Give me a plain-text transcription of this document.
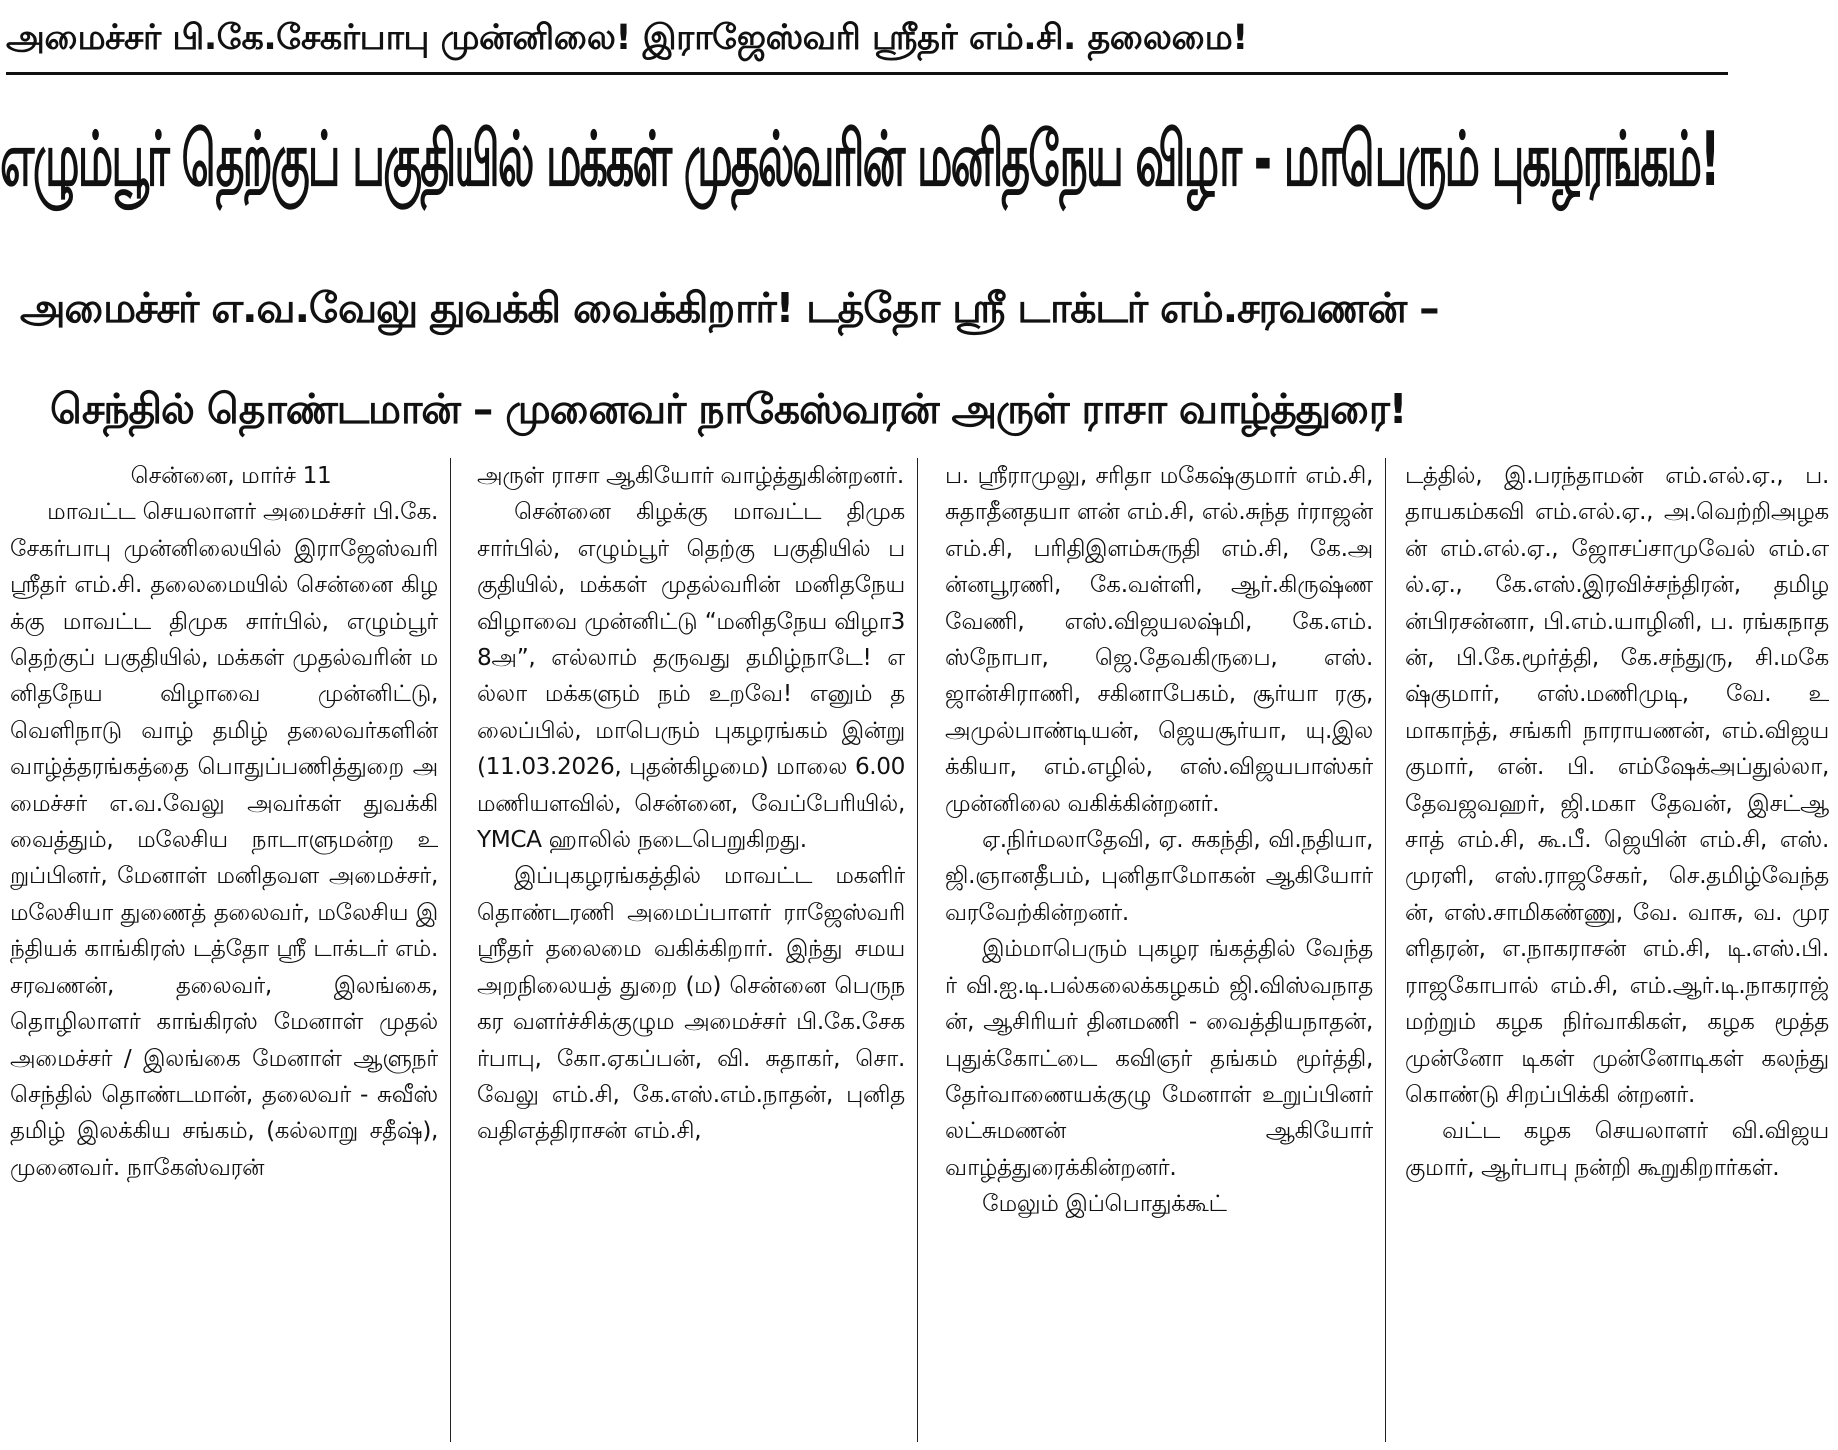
அமைச்சர் பி.கே.சேகர்பாபு முன்னிலை! இராஜேஸ்வரி ஸ்ரீதர் எம்.சி. தலைமை!
எழும்பூர் தெற்குப் பகுதியில் மக்கள் முதல்வரின் மனிதநேய விழா - மாபெரும் புகழரங்கம்!
அமைச்சர் எ.வ.வேலு துவக்கி வைக்கிறார்! டத்தோ ஸ்ரீ டாக்டர் எம்.சரவணன் –
செந்தில் தொண்டமான் – முனைவர் நாகேஸ்வரன் அருள் ராசா வாழ்த்துரை!

சென்னை, மார்ச் 11

மாவட்ட செயலாளர் அமைச்சர் பி.கே.சேகர்பாபு முன்னிலையில் இராஜேஸ்வரி ஸ்ரீதர் எம்.சி. தலைமையில் சென்னை கிழக்கு மாவட்ட திமுக சார்பில், எழும்பூர் தெற்குப் பகுதியில், மக்கள் முதல்வரின் மனிதநேய விழாவை முன்னிட்டு, வெளிநாடு வாழ் தமிழ் தலைவர்களின் வாழ்த்தரங்கத்தை பொதுப்பணித்துறை அமைச்சர் எ.வ.வேலு அவர்கள் துவக்கி வைத்தும், மலேசிய நாடாளுமன்ற உறுப்பினர், மேனாள் மனிதவள அமைச்சர், மலேசியா துணைத் தலைவர், மலேசிய இந்தியக் காங்கிரஸ் டத்தோ ஸ்ரீ டாக்டர் எம்.சரவணன், தலைவர், இலங்கை, தொழிலாளர் காங்கிரஸ் மேனாள் முதல் அமைச்சர் / இலங்கை மேனாள் ஆளுநர் செந்தில் தொண்டமான், தலைவர் - சுவீஸ் தமிழ் இலக்கிய சங்கம், (கல்லாறு சதீஷ்), முனைவர். நாகேஸ்வரன்

அருள் ராசா ஆகியோர் வாழ்த்துகின்றனர்.

சென்னை கிழக்கு மாவட்ட திமுக சார்பில், எழும்பூர் தெற்கு பகுதியில் பகுதியில், மக்கள் முதல்வரின் மனிதநேய விழாவை முன்னிட்டு “மனிதநேய விழா38அ”, எல்லாம் தருவது தமிழ்நாடே! எல்லா மக்களும் நம் உறவே! எனும் தலைப்பில், மாபெரும் புகழரங்கம் இன்று (11.03.2026, புதன்கிழமை) மாலை 6.00 மணியளவில், சென்னை, வேப்பேரியில், YMCA ஹாலில் நடைபெறுகிறது.

இப்புகழரங்கத்தில் மாவட்ட மகளிர் தொண்டரணி அமைப்பாளர் ராஜேஸ்வரி ஸ்ரீதர் தலைமை வகிக்கிறார். இந்து சமய அறநிலையத் துறை (ம) சென்னை பெருநகர வளர்ச்சிக்குழும அமைச்சர் பி.கே.சேகர்பாபு, கோ.ஏகப்பன், வி. சுதாகர், சொ.வேலு எம்.சி, கே.எஸ்.எம்.நாதன், புனிதவதிஎத்திராசன் எம்.சி,

ப. ஸ்ரீராமுலு, சரிதா மகேஷ்குமார் எம்.சி, சுதாதீனதயா ளன் எம்.சி, எல்.சுந்த ர்ராஜன் எம்.சி, பரிதிஇளம்சுருதி எம்.சி, கே.அன்னபூரணி, கே.வள்ளி, ஆர்.கிருஷ்ணவேணி, எஸ்.விஜயலஷ்மி, கே.எம்.ஸ்நோபா, ஜெ.தேவகிருபை, எஸ்.ஜான்சிராணி, சகினாபேகம், சூர்யா ரகு, அமுல்பாண்டியன், ஜெயசூர்யா, யு.இலக்கியா, எம்.எழில், எஸ்.விஜயபாஸ்கர் முன்னிலை வகிக்கின்றனர்.

ஏ.நிர்மலாதேவி, ஏ. சுகந்தி, வி.நதியா, ஜி.ஞானதீபம், புனிதாமோகன் ஆகியோர் வரவேற்கின்றனர்.

இம்மாபெரும் புகழர ங்கத்தில் வேந்தர் வி.ஐ.டி.பல்கலைக்கழகம் ஜி.விஸ்வநாதன், ஆசிரியர் தினமணி - வைத்தியநாதன், புதுக்கோட்டை கவிஞர் தங்கம் மூர்த்தி, தேர்வாணையக்குழு மேனாள் உறுப்பினர் லட்சுமணன் ஆகியோர் வாழ்த்துரைக்கின்றனர்.

மேலும் இப்பொதுக்கூட்

டத்தில், இ.பரந்தாமன் எம்.எல்.ஏ., ப.தாயகம்கவி எம்.எல்.ஏ., அ.வெற்றிஅழகன் எம்.எல்.ஏ., ஜோசப்சாமுவேல் எம்.எல்.ஏ., கே.எஸ்.இரவிச்சந்திரன், தமிழன்பிரசன்னா, பி.எம்.யாழினி, ப. ரங்கநாதன், பி.கே.மூர்த்தி, கே.சந்துரு, சி.மகே ஷ்குமார், எஸ்.மணிமுடி, வே. உமாகாந்த், சங்கரி நாராயணன், எம்.விஜயகுமார், என். பி. எம்ஷேக்அப்துல்லா, தேவஜவஹர், ஜி.மகா தேவன், இசட்ஆசாத் எம்.சி, கூ.பீ. ஜெயின் எம்.சி, எஸ்.முரளி, எஸ்.ராஜசேகர், செ.தமிழ்வேந்தன், எஸ்.சாமிகண்ணு, வே. வாசு, வ. முரளிதரன், எ.நாகராசன் எம்.சி, டி.எஸ்.பி.ராஜகோபால் எம்.சி, எம்.ஆர்.டி.நாகராஜ் மற்றும் கழக நிர்வாகிகள், கழக மூத்த முன்னோ டிகள் முன்னோடிகள் கலந்து கொண்டு சிறப்பிக்கி ன்றனர்.

வட்ட கழக செயலாளர் வி.விஜயகுமார், ஆர்பாபு நன்றி கூறுகிறார்கள்.
